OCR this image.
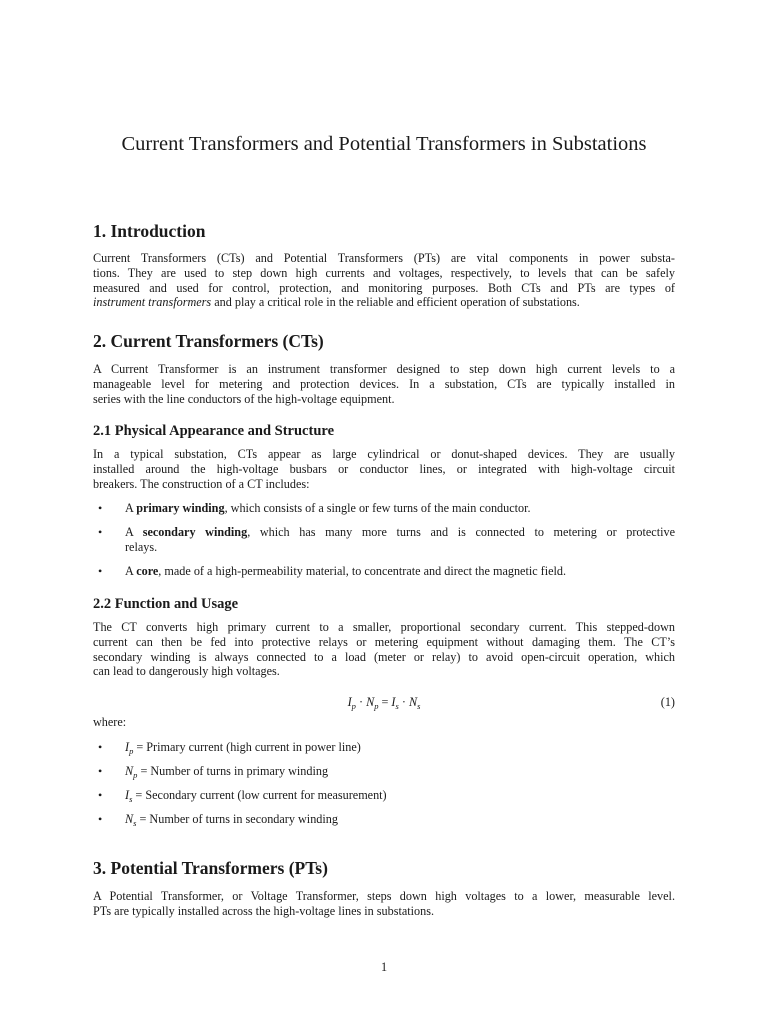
Current Transformers and Potential Transformers in Substations
1. Introduction

Current Transformers (CTs) and Potential Transformers (PTs) are vital components in power substa-
tions. They are used to step down high currents and voltages, respectively, to levels that can be safely
measured and used for control, protection, and monitoring purposes. Both CTs and PTs are types of
instrument transformers and play a critical role in the reliable and efficient operation of substations.

2. Current Transformers (CTs)

A Current Transformer is an instrument transformer designed to step down high current levels to a
manageable level for metering and protection devices. In a substation, CTs are typically installed in
series with the line conductors of the high-voltage equipment.

2.1 Physical Appearance and Structure

In a typical substation, CTs appear as large cylindrical or donut-shaped devices. They are usually
installed around the high-voltage busbars or conductor lines, or integrated with high-voltage circuit
breakers. The construction of a CT includes:

• A primary winding, which consists of a single or few turns of the main conductor.
• A secondary winding, which has many more turns and is connected to metering or protective
relays.
• A core, made of a high-permeability material, to concentrate and direct the magnetic field.
2.2 Function and Usage

The CT converts high primary current to a smaller, proportional secondary current. This stepped-down
current can then be fed into protective relays or metering equipment without damaging them. The CT’s
secondary winding is always connected to a load (meter or relay) to avoid open-circuit operation, which
can lead to dangerously high voltages.

$I_p \cdot N_p = I_s \cdot N_s$	(1)

where:

• $I_p$ = Primary current (high current in power line)
• $N_p$ = Number of turns in primary winding
• $I_s$ = Secondary current (low current for measurement)
• $N_s$ = Number of turns in secondary winding
3. Potential Transformers (PTs)

A Potential Transformer, or Voltage Transformer, steps down high voltages to a lower, measurable level.
PTs are typically installed across the high-voltage lines in substations.

1
